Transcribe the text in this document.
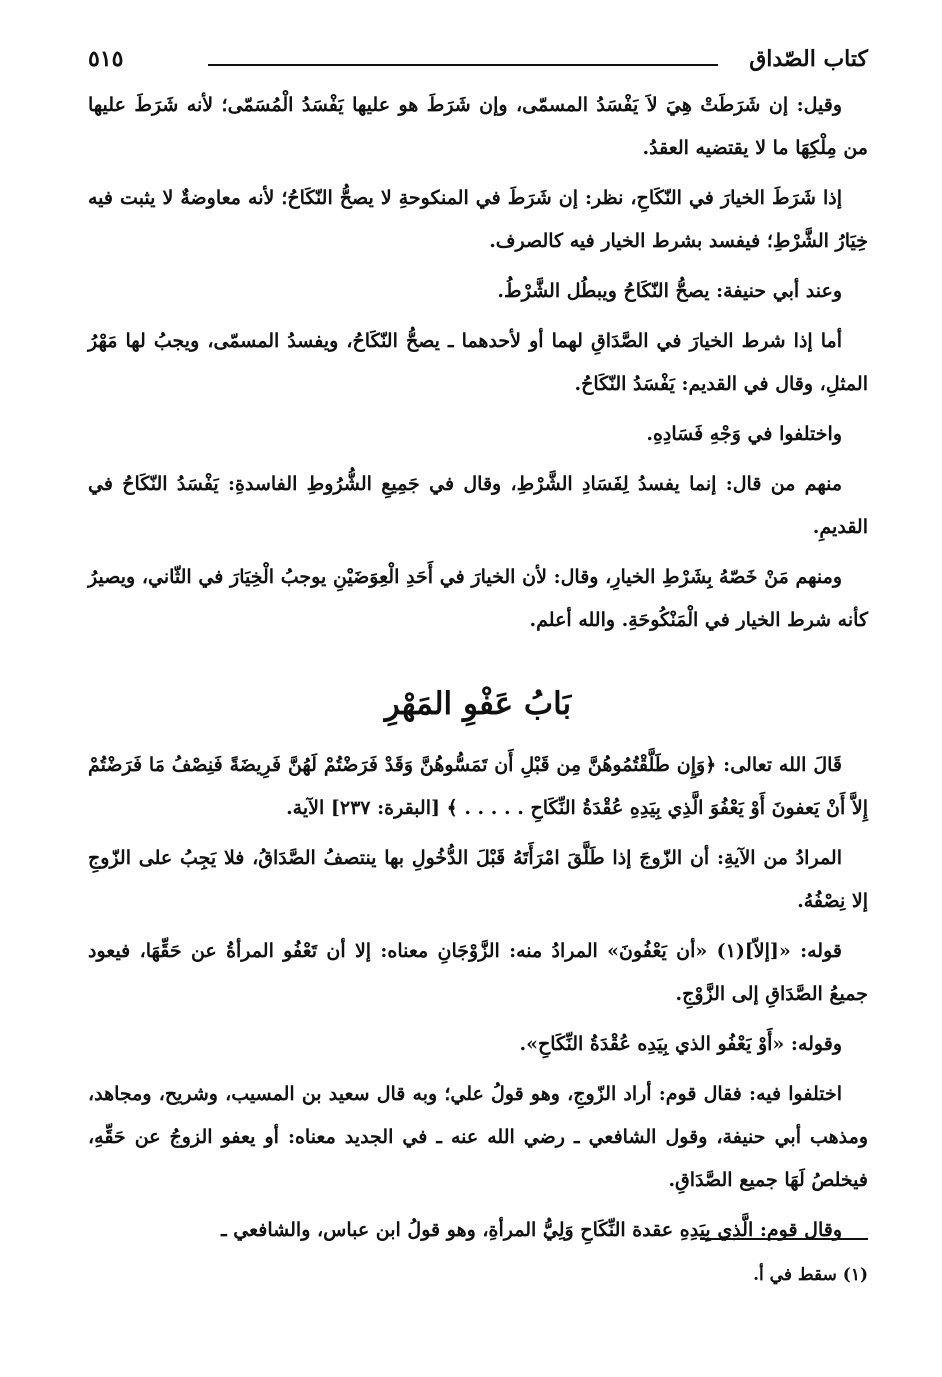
كتاب الصّداق
٥١٥

وقيل: إن شَرَطَتْ هِيَ لاَ يَفْسَدُ المسمّى، وإن شَرَطَ هو عليها يَفْسَدُ الْمُسَمّى؛ لأنه شَرَطَ عليها من مِلْكِهَا ما لا يقتضيه العقدُ.

إذا شَرَطَ الخيارَ في النّكَاحِ، نظر: إن شَرَطَ في المنكوحةِ لا يصحُّ النّكَاحُ؛ لأنه معاوضةٌ لا يثبت فيه خِيَارُ الشَّرْطِ؛ فيفسد بشرط الخيار فيه كالصرف.

وعند أبي حنيفة: يصحُّ النّكَاحُ ويبطُل الشَّرْطُ.

أما إذا شرط الخيارَ في الصَّدَاقِ لهما أو لأحدهما ـ يصحُّ النّكَاحُ، ويفسدُ المسمّى، ويجبُ لها مَهْرُ المثلِ، وقال في القديم: يَفْسَدُ النّكَاحُ.

واختلفوا في وَجْهِ فَسَادِهِ.

منهم من قال: إنما يفسدُ لِفَسَادِ الشَّرْطِ، وقال في جَمِيعِ الشُّرُوطِ الفاسدةِ: يَفْسَدُ النّكَاحُ في القديمِ.

ومنهم مَنْ خَصّهُ بِشَرْطِ الخيارِ، وقال: لأن الخيارَ في أَحَدِ الْعِوَضَيْنِ يوجبُ الْخِيَارَ في الثّاني، ويصيرُ كأنه شرط الخيار في الْمَنْكُوحَةِ. والله أعلم.

بَابُ عَفْوِ المَهْرِ

قَالَ الله تعالى: ﴿وَإِن طَلَّقْتُمُوهُنَّ مِن قَبْلِ أَن تَمَسُّوهُنَّ وَقَدْ فَرَضْتُمْ لَهُنَّ فَرِيضَةً فَنِصْفُ مَا فَرَضْتُمْ إِلاَّ أَنْ يَعفونَ أَوْ يَعْفُوَ الَّذِي بِيَدِهِ عُقْدَةُ النِّكَاحِ . . . . . ﴾ [البقرة: ٢٣٧] الآية.

المرادُ من الآيةِ: أن الزّوجَ إذا طَلَّقَ امْرَأَتَهُ قَبْلَ الدُّخُولِ بها ينتصفُ الصَّدَاقُ، فلا يَجِبُ على الزّوجِ إلا نِصْفُهُ.

قوله: «[إلاّ](١) «أن يَعْفُونَ» المرادُ منه: الزَّوْجَانِ معناه: إلا أن تَعْفُو المرأةُ عن حَقِّهَا، فيعود جميعُ الصَّدَاقِ إلى الزَّوْجِ.

وقوله: «أَوْ يَعْفُو الذي بِيَدِه عُقْدَةُ النِّكَاحِ».

اختلفوا فيه: فقال قوم: أراد الزّوجِ، وهو قولُ علي؛ وبه قال سعيد بن المسيب، وشريح، ومجاهد، ومذهب أبي حنيفة، وقول الشافعي ـ رضي الله عنه ـ في الجديد معناه: أو يعفو الزوجُ عن حَقِّهِ، فيخلصُ لَهَا جميع الصَّدَاقِ.

وقال قوم: الَّذِي بِيَدِهِ عقدة النِّكَاحِ وَلِيُّ المرأةِ، وهو قولُ ابن عباس، والشافعي ـ

(١) سقط في أ.
